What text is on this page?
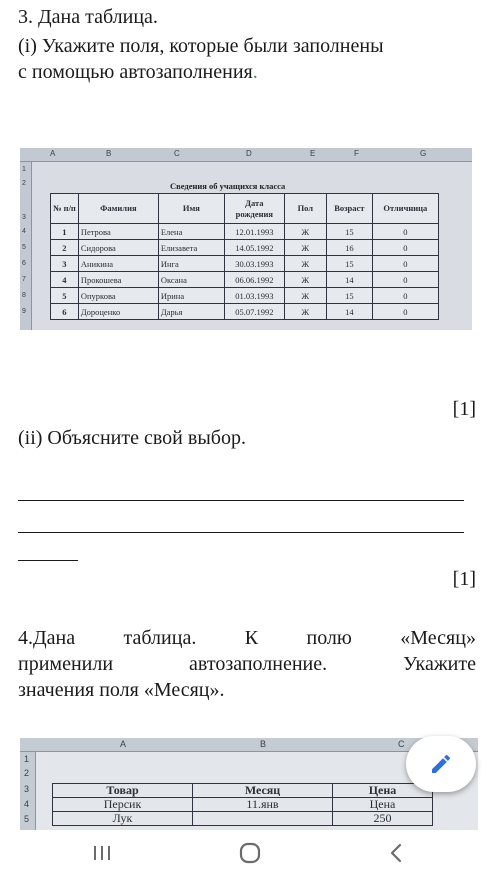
3. Дана таблица.
(i) Укажите поля, которые были заполнены
с помощью автозаполнения.
A	B	C	D	E	F	G
1
2
3
4
5
6
7
8
9
Сведения об учащихся класса
№ п/п	Фамилия	Имя	Дата рождения	Пол	Возраст	Отличница
1	Петрова	Елена	12.01.1993	Ж	15	0
2	Сидорова	Елизавета	14.05.1992	Ж	16	0
3	Аникина	Инга	30.03.1993	Ж	15	0
4	Прокошева	Оксана	06.06.1992	Ж	14	0
5	Опуркова	Ирина	01.03.1993	Ж	15	0
6	Дороценко	Дарья	05.07.1992	Ж	14	0
[1]
(ii) Объясните свой выбор.
[1]
4.Дана таблица. К полю «Месяц»
применили	автозаполнение.	Укажите
значения поля «Месяц».
A	B	C
1
2
3
4
5
Товар	Месяц	Цена
Персик	11.янв	Цена
Лук		250
